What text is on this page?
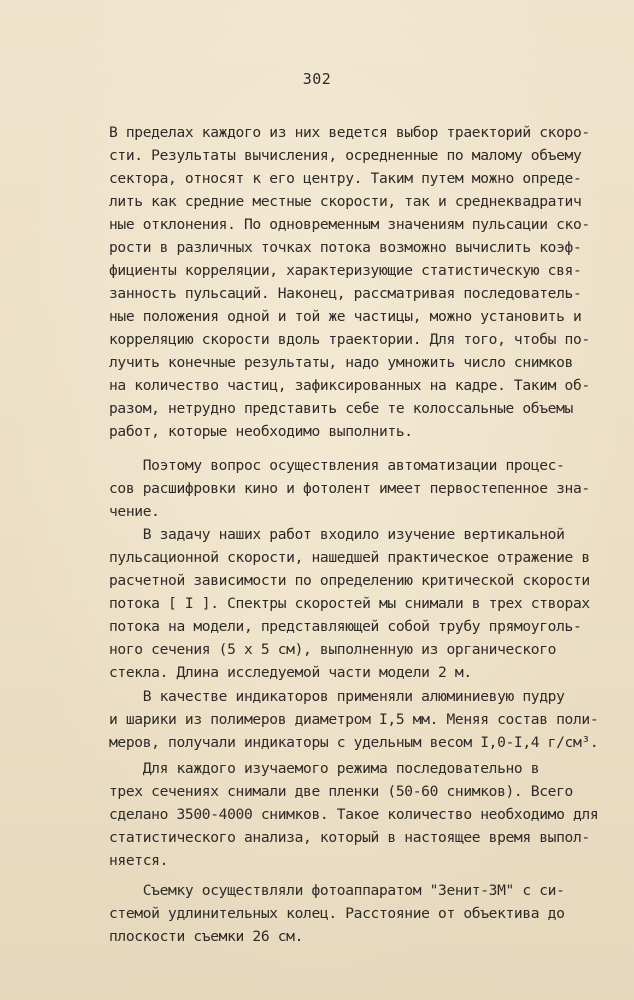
302
В пределах каждого из них ведется выбор траекторий скоро-
сти. Результаты вычисления, осредненные по малому объему
сектора, относят к его центру. Таким путем можно опреде-
лить как средние местные скорости, так и среднеквадратич
ные отклонения. По одновременным значениям пульсации ско-
рости в различных точках потока возможно вычислить коэф-
фициенты корреляции, характеризующие статистическую свя-
занность пульсаций. Наконец, рассматривая последователь-
ные положения одной и той же частицы, можно установить и
корреляцию скорости вдоль траектории. Для того, чтобы по-
лучить конечные результаты, надо умножить число снимков
на количество частиц, зафиксированных на кадре. Таким об-
разом, нетрудно представить себе те колоссальные объемы
работ, которые необходимо выполнить.
Поэтому вопрос осуществления автоматизации процес-
сов расшифровки кино и фотолент имеет первостепенное зна-
чение.
В задачу наших работ входило изучение вертикальной
пульсационной скорости, нашедшей практическое отражение в
расчетной зависимости по определению критической скорости
потока [ I ]. Спектры скоростей мы снимали в трех створах
потока на модели, представляющей собой трубу прямоуголь-
ного сечения (5 x 5 см), выполненную из органического
стекла. Длина исследуемой части модели 2 м.
В качестве индикаторов применяли алюминиевую пудру
и шарики из полимеров диаметром I,5 мм. Меняя состав поли-
меров, получали индикаторы с удельным весом I,0-I,4 г/см³.
Для каждого изучаемого режима последовательно в
трех сечениях снимали две пленки (50-60 снимков). Всего
сделано 3500-4000 снимков. Такое количество необходимо для
статистического анализа, который в настоящее время выпол-
няется.
Съемку осуществляли фотоаппаратом "Зенит-3М" с си-
стемой удлинительных колец. Расстояние от объектива до
плоскости съемки 26 см.
